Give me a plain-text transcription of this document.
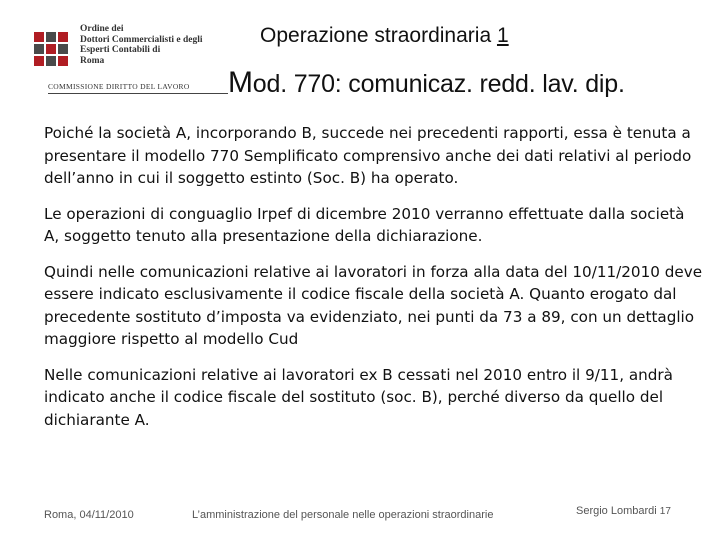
Ordine dei
Dottori Commercialisti e degli
Esperti Contabili di
Roma
COMMISSIONE DIRITTO DEL LAVORO
Operazione straordinaria 1
Mod. 770: comunicaz. redd. lav. dip.

Poiché la società A, incorporando B, succede nei precedenti rapporti, essa è tenuta a presentare il modello 770 Semplificato comprensivo anche dei dati relativi al periodo dell’anno in cui il soggetto estinto (Soc. B) ha operato.

Le operazioni di conguaglio Irpef di dicembre 2010 verranno effettuate dalla società A, soggetto tenuto alla presentazione della dichiarazione.

Quindi nelle comunicazioni relative ai lavoratori in forza alla data del 10/11/2010 deve essere indicato esclusivamente il codice fiscale della società A. Quanto erogato dal precedente sostituto d’imposta va evidenziato, nei punti da 73 a 89, con un dettaglio maggiore rispetto al modello Cud

Nelle comunicazioni relative ai lavoratori ex B cessati nel 2010 entro il 9/11, andrà indicato anche il codice fiscale del sostituto (soc. B), perché diverso da quello del dichiarante A.

Roma, 04/11/2010	L’amministrazione del personale nelle operazioni straordinarie	Sergio Lombardi 17
